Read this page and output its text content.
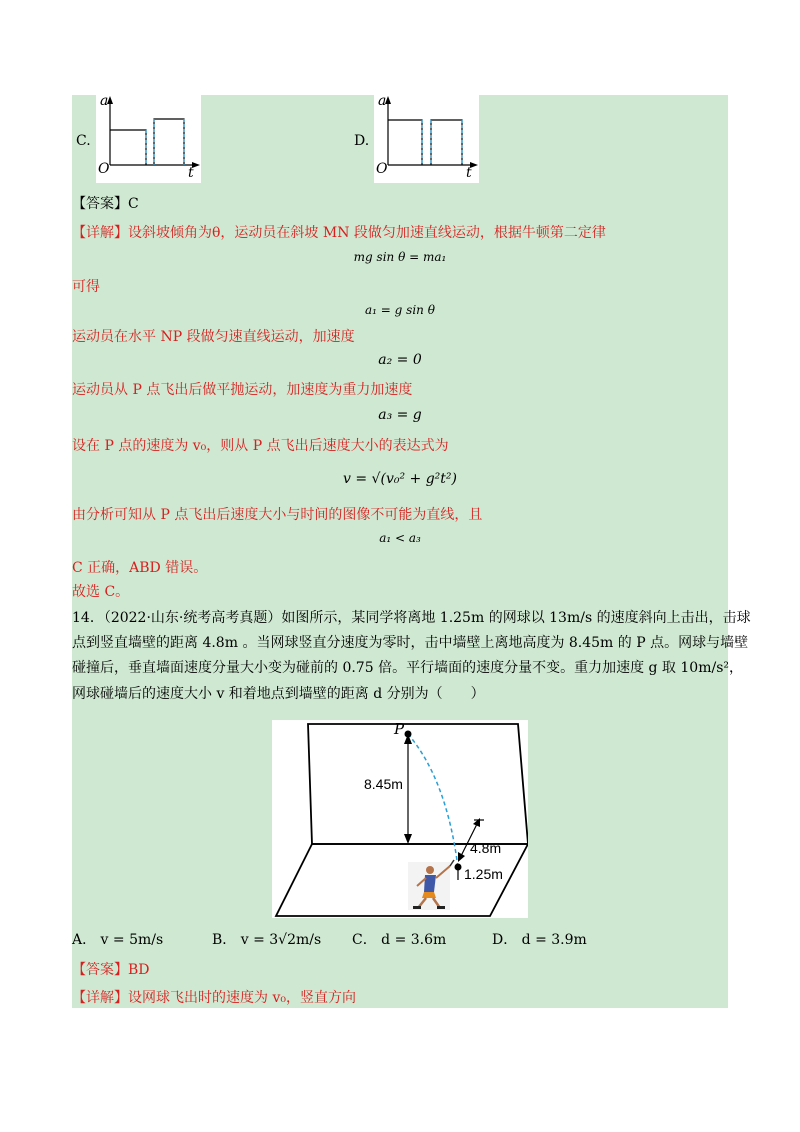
C.
a
t
O
D.
a
t
O
【答案】C
【详解】设斜坡倾角为θ，运动员在斜坡 MN 段做匀加速直线运动，根据牛顿第二定律
mg sin θ = ma₁
可得
a₁ = g sin θ
运动员在水平 NP 段做匀速直线运动，加速度
a₂ = 0
运动员从 P 点飞出后做平抛运动，加速度为重力加速度
a₃ = g
设在 P 点的速度为 v₀，则从 P 点飞出后速度大小的表达式为
v = √(v₀² + g²t²)
由分析可知从 P 点飞出后速度大小与时间的图像不可能为直线，且
a₁ < a₃
C 正确，ABD 错误。
故选 C。
14．（2022·山东·统考高考真题）如图所示，某同学将离地 1.25m 的网球以 13m/s 的速度斜向上击出，击球
点到竖直墙壁的距离 4.8m 。当网球竖直分速度为零时，击中墙壁上离地高度为 8.45m 的 P 点。网球与墙壁
碰撞后，垂直墙面速度分量大小变为碰前的 0.75 倍。平行墙面的速度分量不变。重力加速度 g 取 10m/s²，
网球碰墙后的速度大小 v 和着地点到墙壁的距离 d 分别为（　　）
P
8.45m
4.8m
1.25m
A． v = 5m/s	B． v = 3√2m/s C． d = 3.6m	D． d = 3.9m
【答案】BD
【详解】设网球飞出时的速度为 v₀，竖直方向
